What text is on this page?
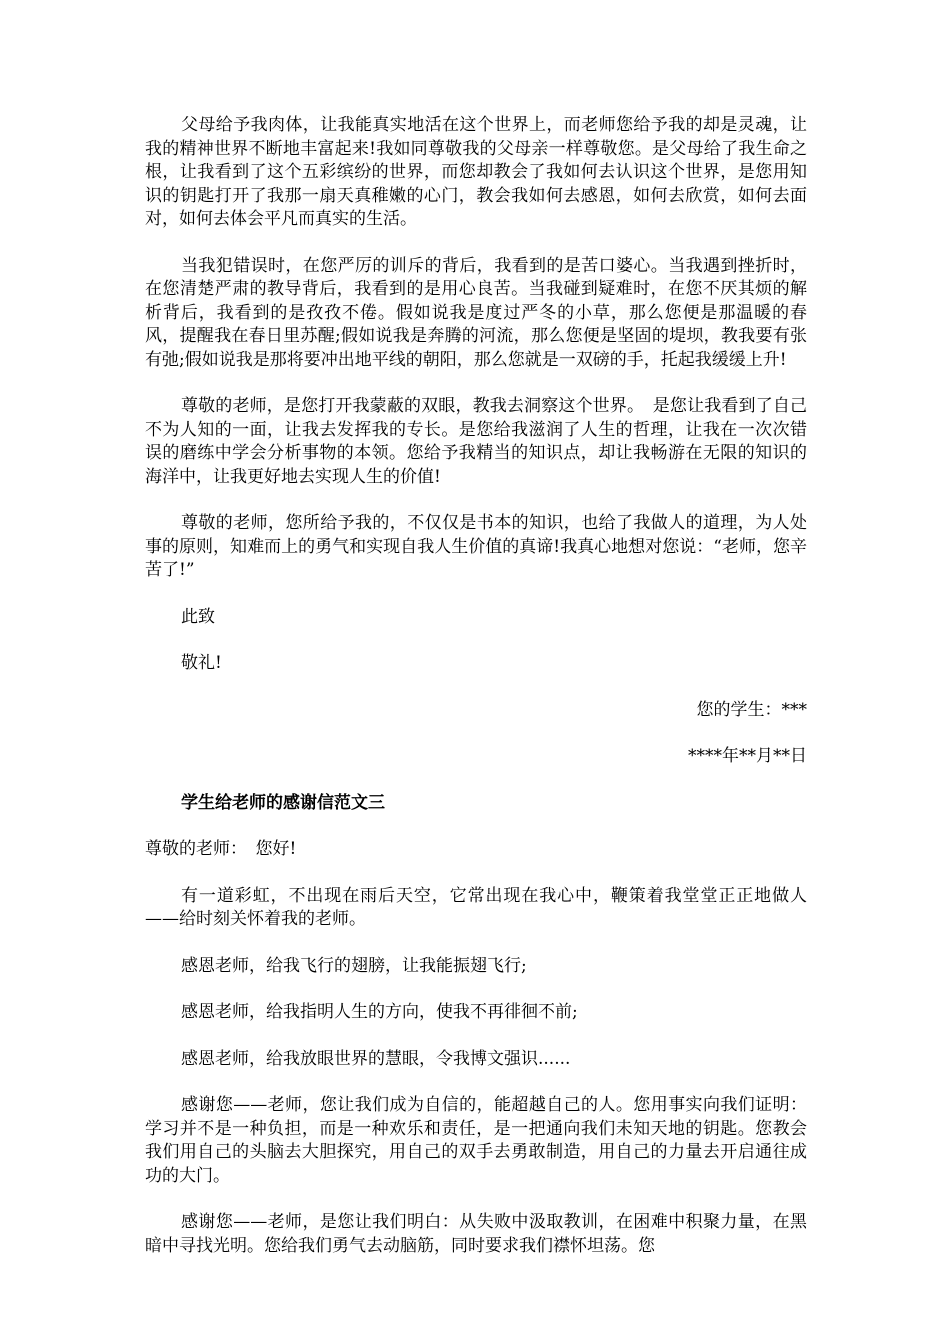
父母给予我肉体，让我能真实地活在这个世界上，而老师您给予我的却是灵魂，让我的精神世界不断地丰富起来!我如同尊敬我的父母亲一样尊敬您。是父母给了我生命之根，让我看到了这个五彩缤纷的世界，而您却教会了我如何去认识这个世界，是您用知识的钥匙打开了我那一扇天真稚嫩的心门，教会我如何去感恩，如何去欣赏，如何去面对，如何去体会平凡而真实的生活。

当我犯错误时，在您严厉的训斥的背后，我看到的是苦口婆心。当我遇到挫折时，在您清楚严肃的教导背后，我看到的是用心良苦。当我碰到疑难时，在您不厌其烦的解析背后，我看到的是孜孜不倦。假如说我是度过严冬的小草，那么您便是那温暖的春风，提醒我在春日里苏醒;假如说我是奔腾的河流，那么您便是坚固的堤坝，教我要有张有弛;假如说我是那将要冲出地平线的朝阳，那么您就是一双磅的手，托起我缓缓上升!

尊敬的老师，是您打开我蒙蔽的双眼，教我去洞察这个世界。　是您让我看到了自己不为人知的一面，让我去发挥我的专长。是您给我滋润了人生的哲理，让我在一次次错误的磨练中学会分析事物的本领。您给予我精当的知识点，却让我畅游在无限的知识的海洋中，让我更好地去实现人生的价值!

尊敬的老师，您所给予我的，不仅仅是书本的知识，也给了我做人的道理，为人处事的原则，知难而上的勇气和实现自我人生价值的真谛!我真心地想对您说：“老师，您辛苦了!”

此致

敬礼!

您的学生：***

****年**月**日

学生给老师的感谢信范文三

尊敬的老师：　您好!

有一道彩虹，不出现在雨后天空，它常出现在我心中，鞭策着我堂堂正正地做人——给时刻关怀着我的老师。

感恩老师，给我飞行的翅膀，让我能振翅飞行;

感恩老师，给我指明人生的方向，使我不再徘徊不前;

感恩老师，给我放眼世界的慧眼，令我博文强识......

感谢您——老师，您让我们成为自信的，能超越自己的人。您用事实向我们证明：学习并不是一种负担，而是一种欢乐和责任，是一把通向我们未知天地的钥匙。您教会我们用自己的头脑去大胆探究，用自己的双手去勇敢制造，用自己的力量去开启通往成功的大门。

感谢您——老师，是您让我们明白：从失败中汲取教训，在困难中积聚力量，在黑暗中寻找光明。您给我们勇气去动脑筋，同时要求我们襟怀坦荡。您
